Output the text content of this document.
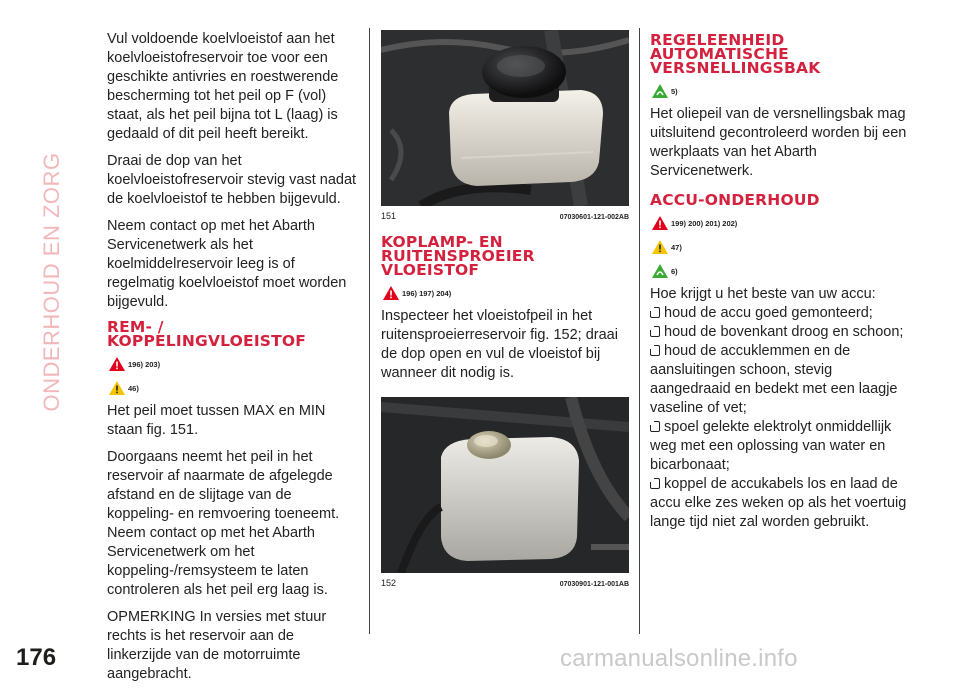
ONDERHOUD EN ZORG

Vul voldoende koelvloeistof aan het koelvloeistofreservoir toe voor een geschikte antivries en roestwerende bescherming tot het peil op F (vol) staat, als het peil bijna tot L (laag) is gedaald of dit peil heeft bereikt.

Draai de dop van het koelvloeistofreservoir stevig vast nadat de koelvloeistof te hebben bijgevuld.

Neem contact op met het Abarth Servicenetwerk als het koelmiddelreservoir leeg is of regelmatig koelvloeistof moet worden bijgevuld.

REM- / KOPPELINGVLOEISTOF
196) 203)
46)

Het peil moet tussen MAX en MIN staan fig. 151.

Doorgaans neemt het peil in het reservoir af naarmate de afgelegde afstand en de slijtage van de koppeling- en remvoering toeneemt. Neem contact op met het Abarth Servicenetwerk om het koppeling-/remsysteem te laten controleren als het peil erg laag is.

OPMERKING In versies met stuur rechts is het reservoir aan de linkerzijde van de motorruimte aangebracht.

151	07030601-121-002AB
KOPLAMP- EN RUITENSPROEIER VLOEISTOF
196) 197) 204)

Inspecteer het vloeistofpeil in het ruitensproeierreservoir fig. 152; draai de dop open en vul de vloeistof bij wanneer dit nodig is.

152	07030901-121-001AB
REGELEENHEID AUTOMATISCHE VERSNELLINGSBAK
5)

Het oliepeil van de versnellingsbak mag uitsluitend gecontroleerd worden bij een werkplaats van het Abarth Servicenetwerk.

ACCU-ONDERHOUD
199) 200) 201) 202)
47)
6)

Hoe krijgt u het beste van uw accu:

houd de accu goed gemonteerd;

houd de bovenkant droog en schoon;

houd de accuklemmen en de aansluitingen schoon, stevig aangedraaid en bedekt met een laagje vaseline of vet;

spoel gelekte elektrolyt onmiddellijk weg met een oplossing van water en bicarbonaat;

koppel de accukabels los en laad de accu elke zes weken op als het voertuig lange tijd niet zal worden gebruikt.

176	carmanualsonline.info
